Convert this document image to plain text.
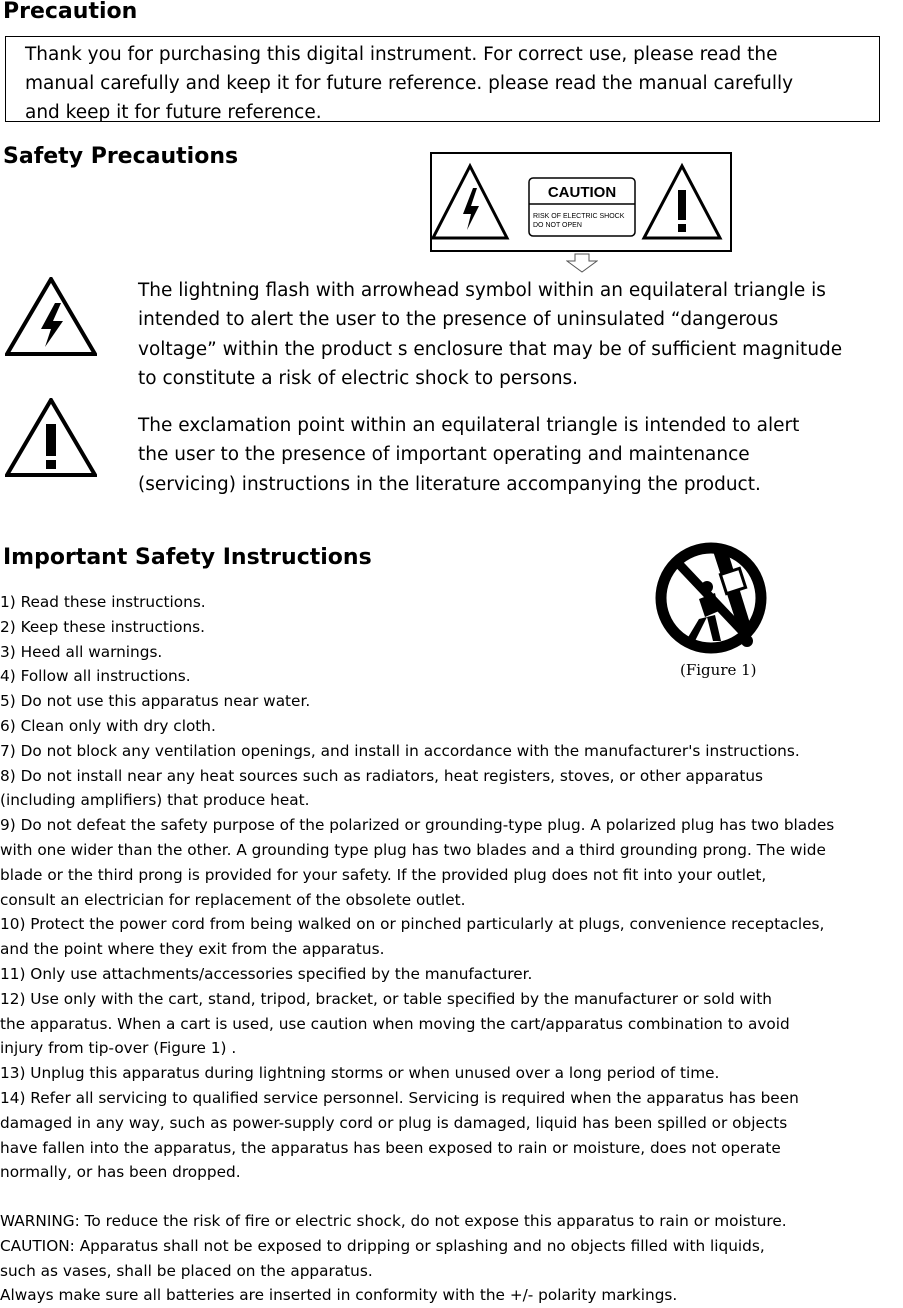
Precaution
Thank you for purchasing this digital instrument. For correct use, please read the
manual carefully and keep it for future reference. please read the manual carefully
and keep it for future reference.
Safety Precautions
CAUTION
RISK OF ELECTRIC SHOCK
DO NOT OPEN
The lightning flash with arrowhead symbol within an equilateral triangle is
intended to alert the user to the presence of uninsulated “dangerous
voltage” within the product s enclosure that may be of sufficient magnitude
to constitute a risk of electric shock to persons.
The exclamation point within an equilateral triangle is intended to alert
the user to the presence of important operating and maintenance
(servicing) instructions in the literature accompanying the product.
Important Safety Instructions
(Figure 1)

1) Read these instructions.

2) Keep these instructions.

3) Heed all warnings.

4) Follow all instructions.

5) Do not use this apparatus near water.

6) Clean only with dry cloth.

7) Do not block any ventilation openings, and install in accordance with the manufacturer's instructions.

8) Do not install near any heat sources such as radiators, heat registers, stoves, or other apparatus

(including amplifiers) that produce heat.

9) Do not defeat the safety purpose of the polarized or grounding-type plug. A polarized plug has two blades

with one wider than the other. A grounding type plug has two blades and a third grounding prong. The wide

blade or the third prong is provided for your safety. If the provided plug does not fit into your outlet,

consult an electrician for replacement of the obsolete outlet.

10) Protect the power cord from being walked on or pinched particularly at plugs, convenience receptacles,

and the point where they exit from the apparatus.

11) Only use attachments/accessories specified by the manufacturer.

12) Use only with the cart, stand, tripod, bracket, or table specified by the manufacturer or sold with

the apparatus. When a cart is used, use caution when moving the cart/apparatus combination to avoid

injury from tip-over (Figure 1) .

13) Unplug this apparatus during lightning storms or when unused over a long period of time.

14) Refer all servicing to qualified service personnel. Servicing is required when the apparatus has been

damaged in any way, such as power-supply cord or plug is damaged, liquid has been spilled or objects

have fallen into the apparatus, the apparatus has been exposed to rain or moisture, does not operate

normally, or has been dropped.

WARNING: To reduce the risk of fire or electric shock, do not expose this apparatus to rain or moisture.

CAUTION: Apparatus shall not be exposed to dripping or splashing and no objects filled with liquids,

such as vases, shall be placed on the apparatus.

Always make sure all batteries are inserted in conformity with the +/- polarity markings.
